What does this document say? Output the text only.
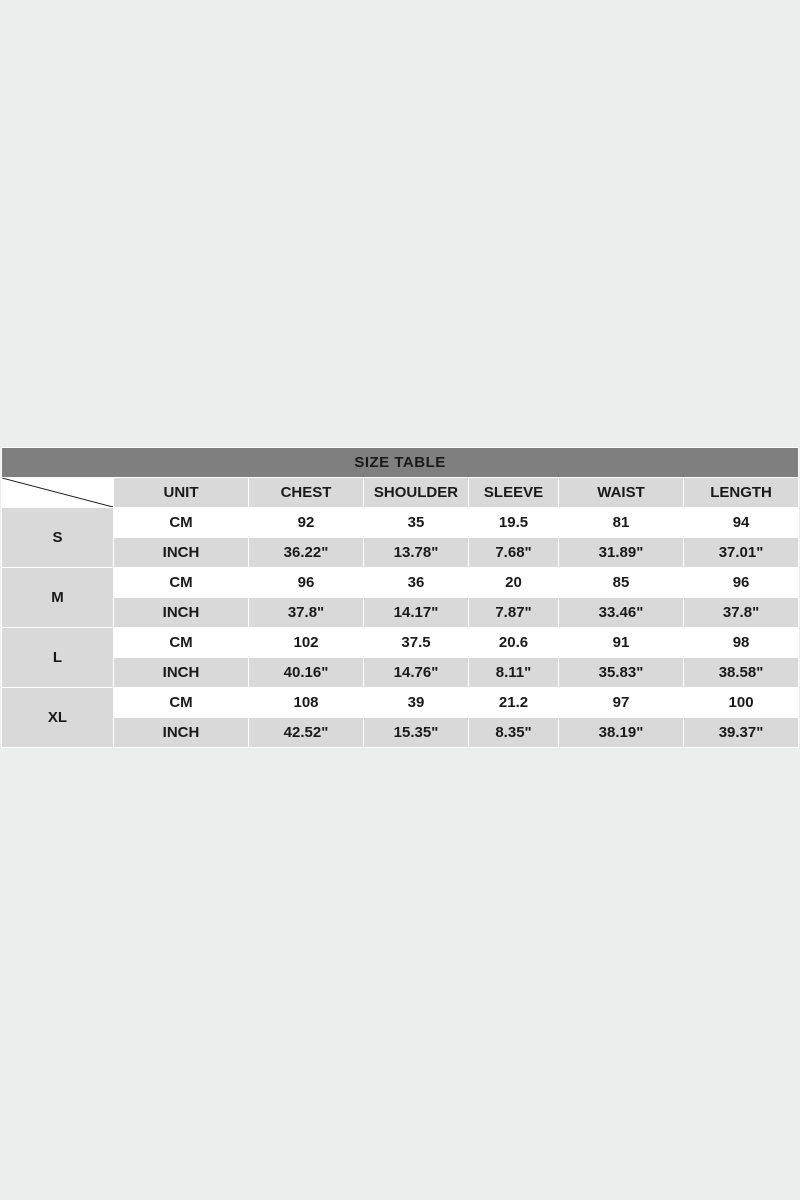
SIZE TABLE						

	UNIT	CHEST	SHOULDER	SLEEVE	WAIST	LENGTH
S	CM	92	35	19.5	81	94
	INCH	36.22"	13.78"	7.68"	31.89"	37.01"
M	CM	96	36	20	85	96
	INCH	37.8"	14.17"	7.87"	33.46"	37.8"
L	CM	102	37.5	20.6	91	98
	INCH	40.16"	14.76"	8.11"	35.83"	38.58"
XL	CM	108	39	21.2	97	100
	INCH	42.52"	15.35"	8.35"	38.19"	39.37"
